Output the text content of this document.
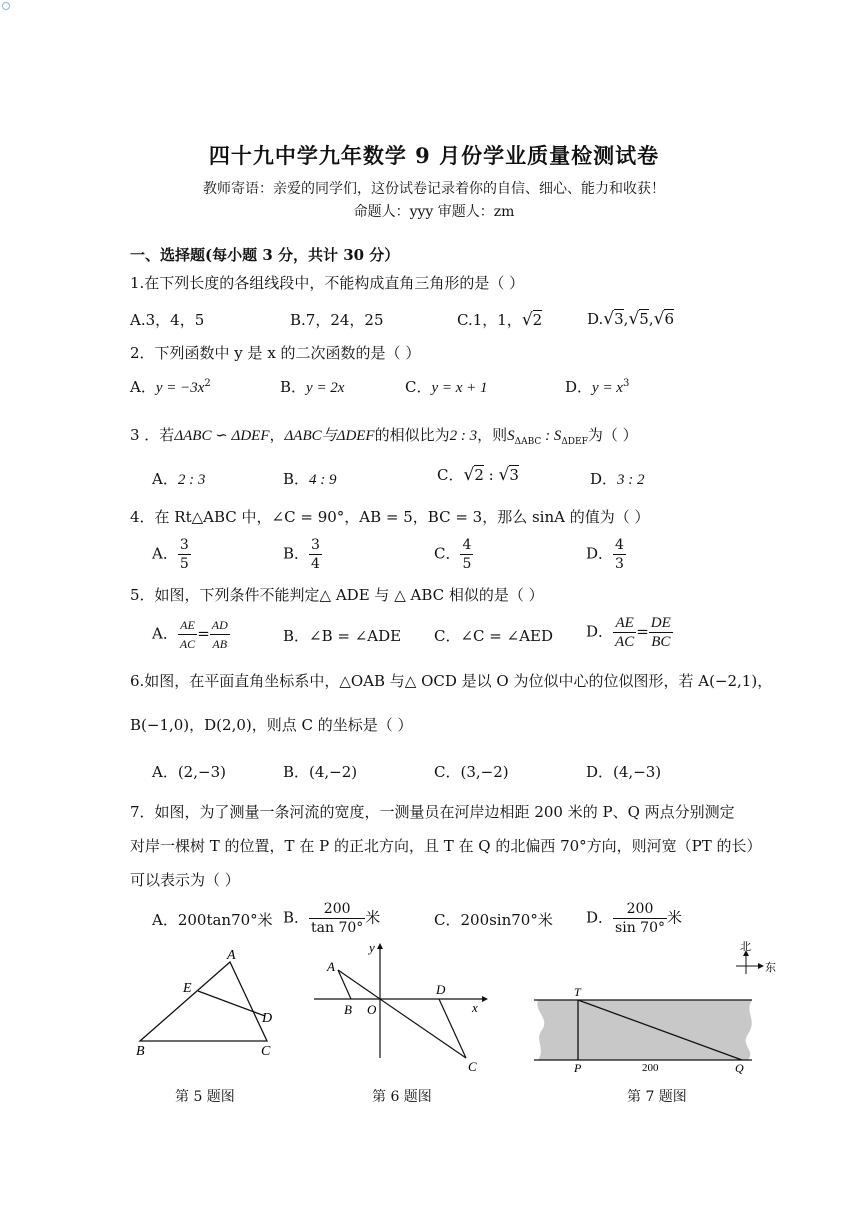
四十九中学九年数学 9 月份学业质量检测试卷
教师寄语：亲爱的同学们，这份试卷记录着你的自信、细心、能力和收获！
命题人：yyy 审题人：zm
一、选择题(每小题 3 分，共计 30 分）
1.在下列长度的各组线段中，不能构成直角三角形的是（ ）
A.3，4，5	B.7，24，25	C.1，1，√2	D.√3,√5,√6
2．下列函数中 y 是 x 的二次函数的是（ ）
A．$y = -3x^2$	B．y = 2x	C．y = x + 1	D．$y = x^3$
3 ．若ΔABC ∽ ΔDEF，ΔABC与ΔDEF的相似比为2 : 3，则$S_{\Delta ABC}$ : $S_{\Delta DEF}$为（ ）
A．2 : 3	B．4 : 9	C．√2 : √3	D．3 : 2
4．在 Rt△ABC 中，∠C = 90°，AB = 5，BC = 3，那么 sinA 的值为（ ）
A． $\frac{3}{5}$	B． $\frac{3}{4}$	C． $\frac{4}{5}$	D． $\frac{4}{3}$
5．如图，下列条件不能判定△ ADE 与 △ ABC 相似的是（ ）
A． $\frac{AE}{AC} = \frac{AD}{AB}$	B．∠B = ∠ADE C．∠C = ∠AED D． $\frac{AE}{AC} = \frac{DE}{BC}$
6.如图，在平面直角坐标系中，△OAB 与△ OCD 是以 O 为位似中心的位似图形，若 A(−2,1)，
B(−1,0)，D(2,0)，则点 C 的坐标是（ ）
A．(2,−3)	B．(4,−2)	C．(3,−2)	D．(4,−3)
7．如图，为了测量一条河流的宽度，一测量员在河岸边相距 200 米的 P、Q 两点分别测定
对岸一棵树 T 的位置，T 在 P 的正北方向，且 T 在 Q 的北偏西 70°方向，则河宽（PT 的长）
可以表示为（ ）
A．200tan70°米 B． $\frac{200}{\tan 70^\circ}$ 米	C．200sin70°米 D． $\frac{200}{\sin 70^\circ}$ 米
A
E
D
B	C
第 5 题图
A
B O
D
C
x
y
第 6 题图
T
P	Q
200
北
东
第 7 题图
